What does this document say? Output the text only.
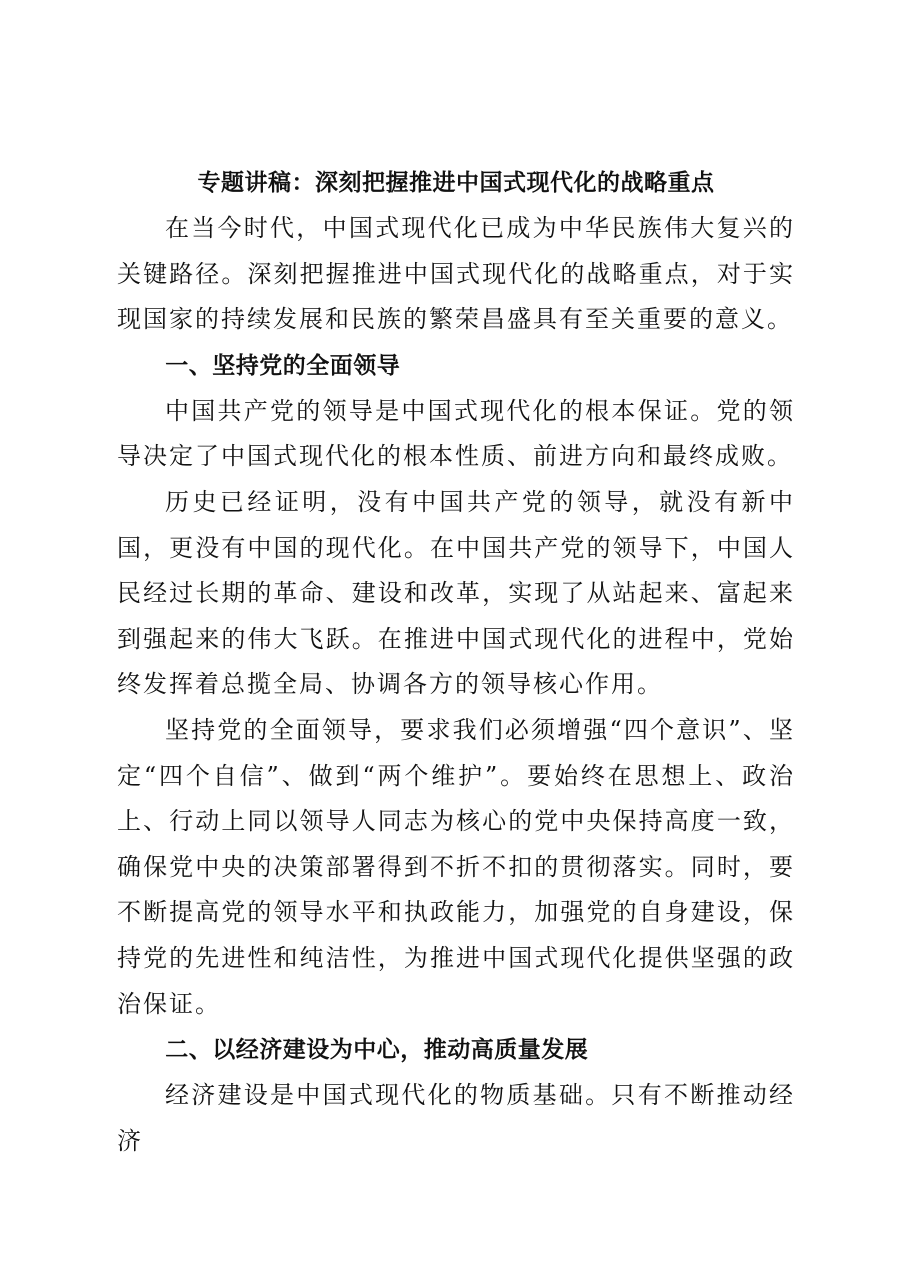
专题讲稿：深刻把握推进中国式现代化的战略重点

在当今时代，中国式现代化已成为中华民族伟大复兴的关键路径。深刻把握推进中国式现代化的战略重点，对于实现国家的持续发展和民族的繁荣昌盛具有至关重要的意义。

一、坚持党的全面领导

中国共产党的领导是中国式现代化的根本保证。党的领导决定了中国式现代化的根本性质、前进方向和最终成败。

历史已经证明，没有中国共产党的领导，就没有新中国，更没有中国的现代化。在中国共产党的领导下，中国人民经过长期的革命、建设和改革，实现了从站起来、富起来到强起来的伟大飞跃。在推进中国式现代化的进程中，党始终发挥着总揽全局、协调各方的领导核心作用。

坚持党的全面领导，要求我们必须增强“四个意识”、坚定“四个自信”、做到“两个维护”。要始终在思想上、政治上、行动上同以领导人同志为核心的党中央保持高度一致，确保党中央的决策部署得到不折不扣的贯彻落实。同时，要不断提高党的领导水平和执政能力，加强党的自身建设，保持党的先进性和纯洁性，为推进中国式现代化提供坚强的政治保证。

二、以经济建设为中心，推动高质量发展

经济建设是中国式现代化的物质基础。只有不断推动经济
